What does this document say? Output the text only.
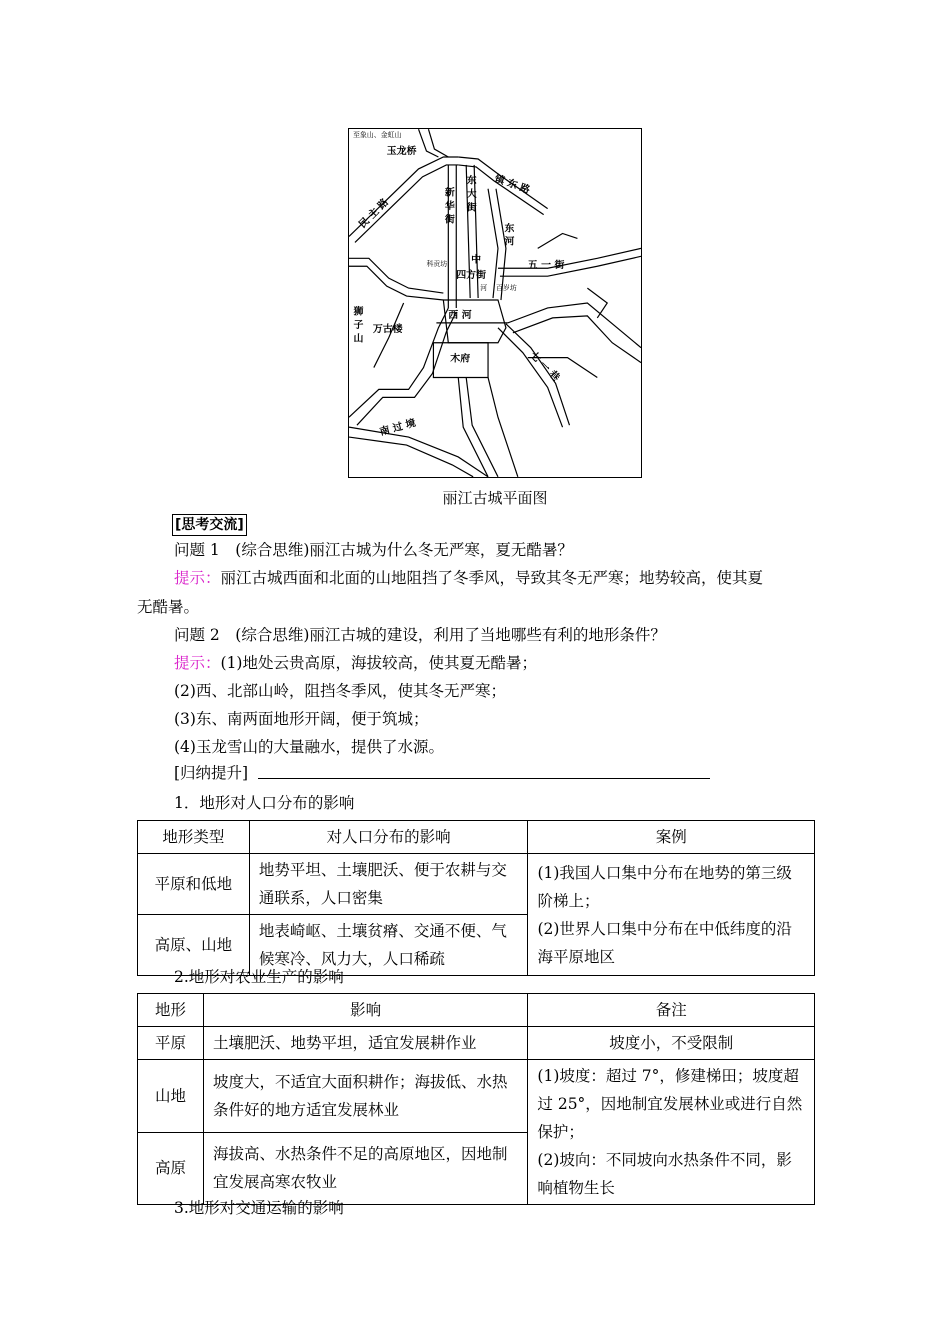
至象山、金虹山
玉龙桥
民 主 路	新 华 街 东 大 街
中
镇 东 路
东 河
五 一 街
科贡坊
四方街
河 百岁坊
狮 子 山 万古楼
西 河
木府	七 一 巷
南 过 境
丽江古城平面图
[思考交流]
问题 1　(综合思维)丽江古城为什么冬无严寒，夏无酷暑？
提示：丽江古城西面和北面的山地阻挡了冬季风，导致其冬无严寒；地势较高，使其夏
无酷暑。
问题 2　(综合思维)丽江古城的建设，利用了当地哪些有利的地形条件？
提示：(1)地处云贵高原，海拔较高，使其夏无酷暑；
(2)西、北部山岭，阻挡冬季风，使其冬无严寒；
(3)东、南两面地形开阔，便于筑城；
(4)玉龙雪山的大量融水，提供了水源。
[归纳提升]
1．地形对人口分布的影响
地形类型	对人口分布的影响	案例
平原和低地	地势平坦、土壤肥沃、便于农耕与交通联系，人口密集	(1)我国人口集中分布在地势的第三级阶梯上；
(2)世界人口集中分布在中低纬度的沿海平原地区

高原、山地	地表崎岖、土壤贫瘠、交通不便、气候寒冷、风力大，人口稀疏	
2.地形对农业生产的影响
地形	影响	备注
平原	土壤肥沃、地势平坦，适宜发展耕作业	坡度小，不受限制
山地	坡度大，不适宜大面积耕作；海拔低、水热条件好的地方适宜发展林业	(1)坡度：超过 7°，修建梯田；坡度超过 25°，因地制宜发展林业或进行自然保护；
(2)坡向：不同坡向水热条件不同，影响植物生长

高原	海拔高、水热条件不足的高原地区，因地制宜发展高寒农牧业	
3.地形对交通运输的影响
